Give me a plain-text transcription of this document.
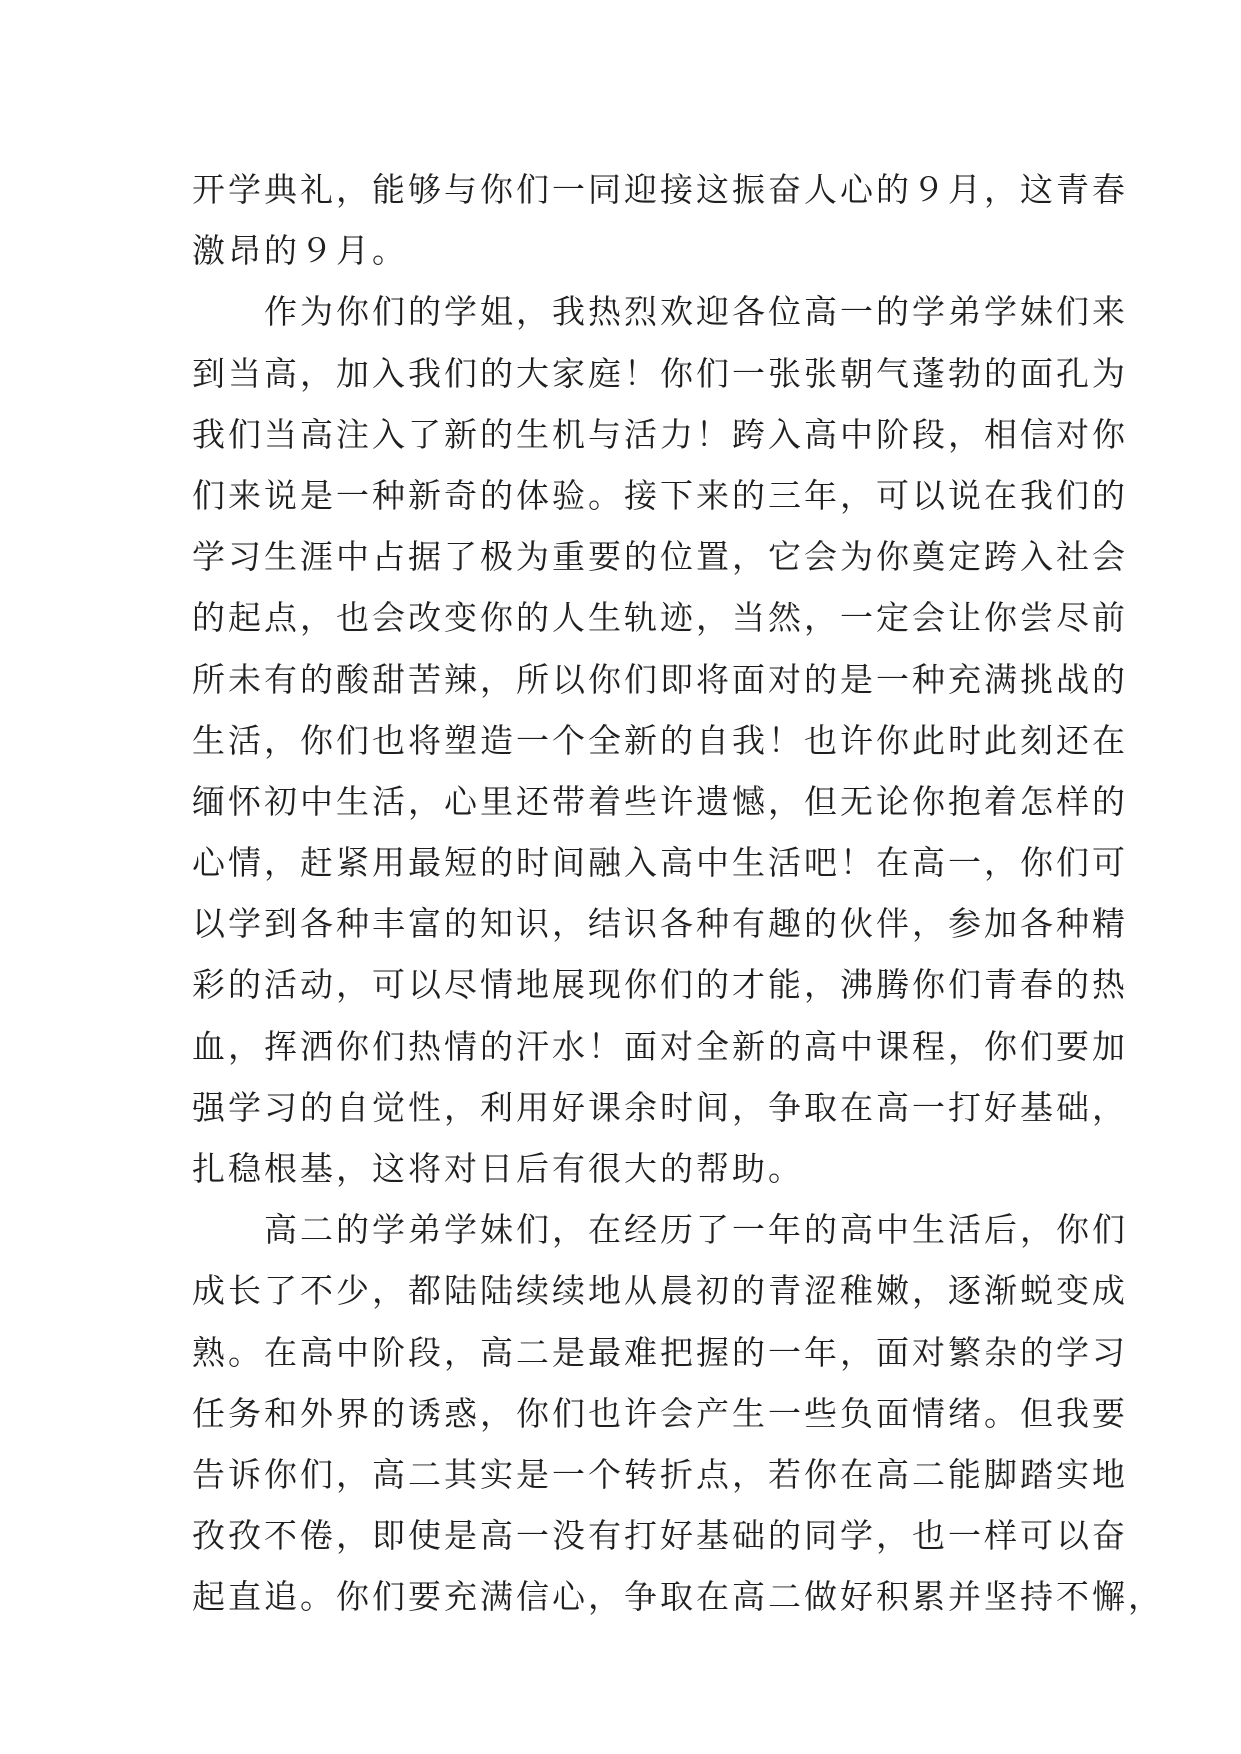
开学典礼，能够与你们一同迎接这振奋人心的９月，这青春
激昂的９月。
　　作为你们的学姐，我热烈欢迎各位高一的学弟学妹们来
到当高，加入我们的大家庭！你们一张张朝气蓬勃的面孔为
我们当高注入了新的生机与活力！跨入高中阶段，相信对你
们来说是一种新奇的体验。接下来的三年，可以说在我们的
学习生涯中占据了极为重要的位置，它会为你奠定跨入社会
的起点，也会改变你的人生轨迹，当然，一定会让你尝尽前
所未有的酸甜苦辣，所以你们即将面对的是一种充满挑战的
生活，你们也将塑造一个全新的自我！也许你此时此刻还在
缅怀初中生活，心里还带着些许遗憾，但无论你抱着怎样的
心情，赶紧用最短的时间融入高中生活吧！在高一，你们可
以学到各种丰富的知识，结识各种有趣的伙伴，参加各种精
彩的活动，可以尽情地展现你们的才能，沸腾你们青春的热
血，挥洒你们热情的汗水！面对全新的高中课程，你们要加
强学习的自觉性，利用好课余时间，争取在高一打好基础，
扎稳根基，这将对日后有很大的帮助。
　　高二的学弟学妹们，在经历了一年的高中生活后，你们
成长了不少，都陆陆续续地从晨初的青涩稚嫩，逐渐蜕变成
熟。在高中阶段，高二是最难把握的一年，面对繁杂的学习
任务和外界的诱惑，你们也许会产生一些负面情绪。但我要
告诉你们，高二其实是一个转折点，若你在高二能脚踏实地
孜孜不倦，即使是高一没有打好基础的同学，也一样可以奋
起直追。你们要充满信心，争取在高二做好积累并坚持不懈，
